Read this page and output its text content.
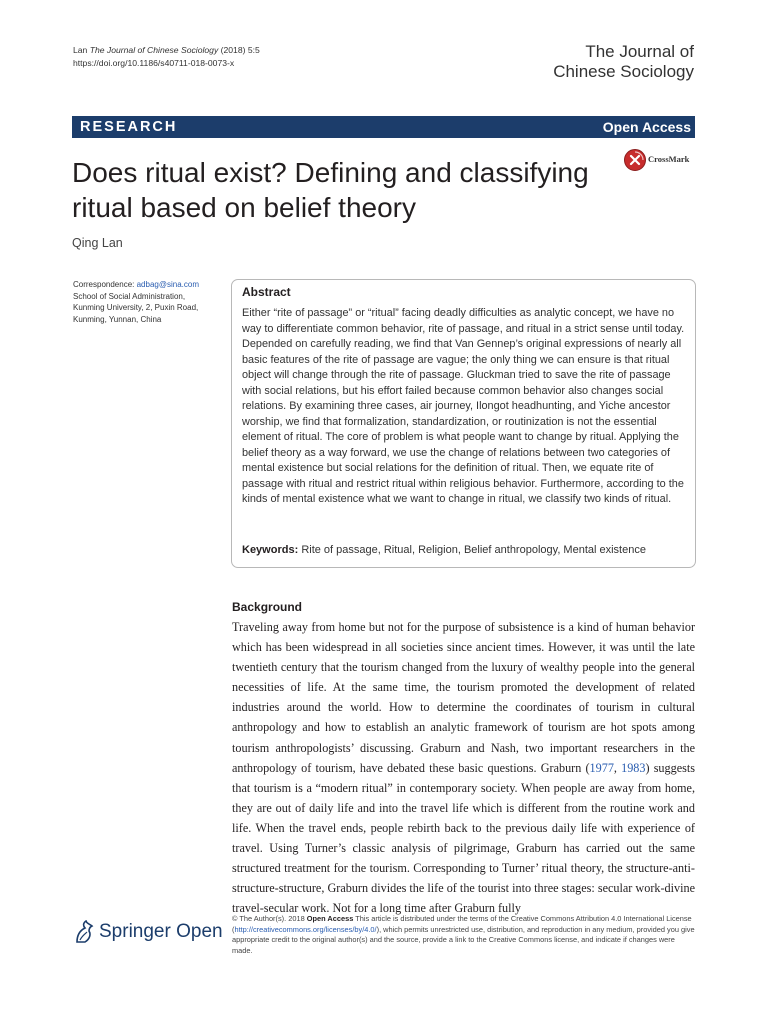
Lan The Journal of Chinese Sociology (2018) 5:5
https://doi.org/10.1186/s40711-018-0073-x
The Journal of
Chinese Sociology
RESEARCH	Open Access
Does ritual exist? Defining and classifying ritual based on belief theory
CrossMark
Qing Lan
Correspondence: adbag@sina.com
School of Social Administration,
Kunming University, 2, Puxin Road,
Kunming, Yunnan, China
Abstract
Either “rite of passage” or “ritual” facing deadly difficulties as analytic concept, we have no way to differentiate common behavior, rite of passage, and ritual in a strict sense until today. Depended on carefully reading, we find that Van Gennep’s original expressions of nearly all basic features of the rite of passage are vague; the only thing we can ensure is that ritual object will change through the rite of passage. Gluckman tried to save the rite of passage with social relations, but his effort failed because common behavior also changes social relations. By examining three cases, air journey, Ilongot headhunting, and Yiche ancestor worship, we find that formalization, standardization, or routinization is not the essential element of ritual. The core of problem is what people want to change by ritual. Applying the belief theory as a way forward, we use the change of relations between two categories of mental existence but social relations for the definition of ritual. Then, we equate rite of passage with ritual and restrict ritual within religious behavior. Furthermore, according to the kinds of mental existence what we want to change in ritual, we classify two kinds of ritual.
Keywords: Rite of passage, Ritual, Religion, Belief anthropology, Mental existence
Background
Traveling away from home but not for the purpose of subsistence is a kind of human behavior which has been widespread in all societies since ancient times. However, it was until the late twentieth century that the tourism changed from the luxury of wealthy people into the general necessities of life. At the same time, the tourism promoted the development of related industries around the world. How to determine the coordinates of tourism in cultural anthropology and how to establish an analytic framework of tourism are hot spots among tourism anthropologists’ discussing. Graburn and Nash, two important researchers in the anthropology of tourism, have debated these basic questions. Graburn (1977, 1983) suggests that tourism is a “modern ritual” in contemporary society. When people are away from home, they are out of daily life and into the travel life which is different from the routine work and life. When the travel ends, people rebirth back to the previous daily life with experience of travel. Using Turner’s classic analysis of pilgrimage, Graburn has carried out the same structured treatment for the tourism. Corresponding to Turner’ ritual theory, the structure-anti-structure-structure, Graburn divides the life of the tourist into three stages: secular work-divine travel-secular work. Not for a long time after Graburn fully
Springer Open
© The Author(s). 2018 Open Access This article is distributed under the terms of the Creative Commons Attribution 4.0 International License (http://creativecommons.org/licenses/by/4.0/), which permits unrestricted use, distribution, and reproduction in any medium, provided you give appropriate credit to the original author(s) and the source, provide a link to the Creative Commons license, and indicate if changes were made.
